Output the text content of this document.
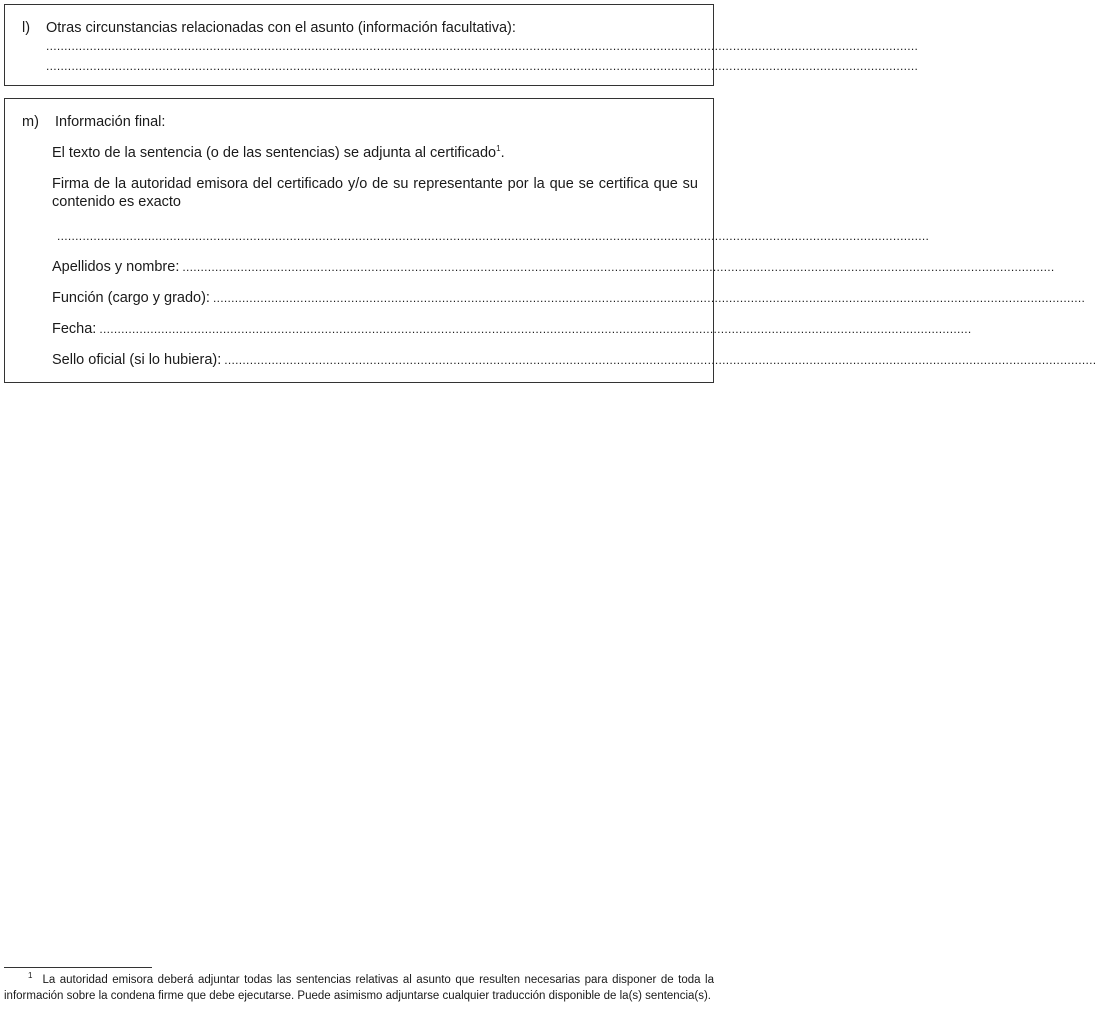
l) Otras circunstancias relacionadas con el asunto (información facultativa):
................................................................................................................................................................................................................................................
................................................................................................................................................................................................................................................
m) Información final:
El texto de la sentencia (o de las sentencias) se adjunta al certificado$^1$.
Firma de la autoridad emisora del certificado y/o de su representante por la que se certifica que su contenido es exacto
................................................................................................................................................................................................................................................
Apellidos y nombre: ................................................................................................................................................................................................................................................
Función (cargo y grado): ................................................................................................................................................................................................................................................
Fecha: ................................................................................................................................................................................................................................................
Sello oficial (si lo hubiera): ................................................................................................................................................................................................................................................
$^1$ La autoridad emisora deberá adjuntar todas las sentencias relativas al asunto que resulten necesarias para disponer de toda la información sobre la condena firme que debe ejecutarse. Puede asimismo adjuntarse cualquier traducción disponible de la(s) sentencia(s).
